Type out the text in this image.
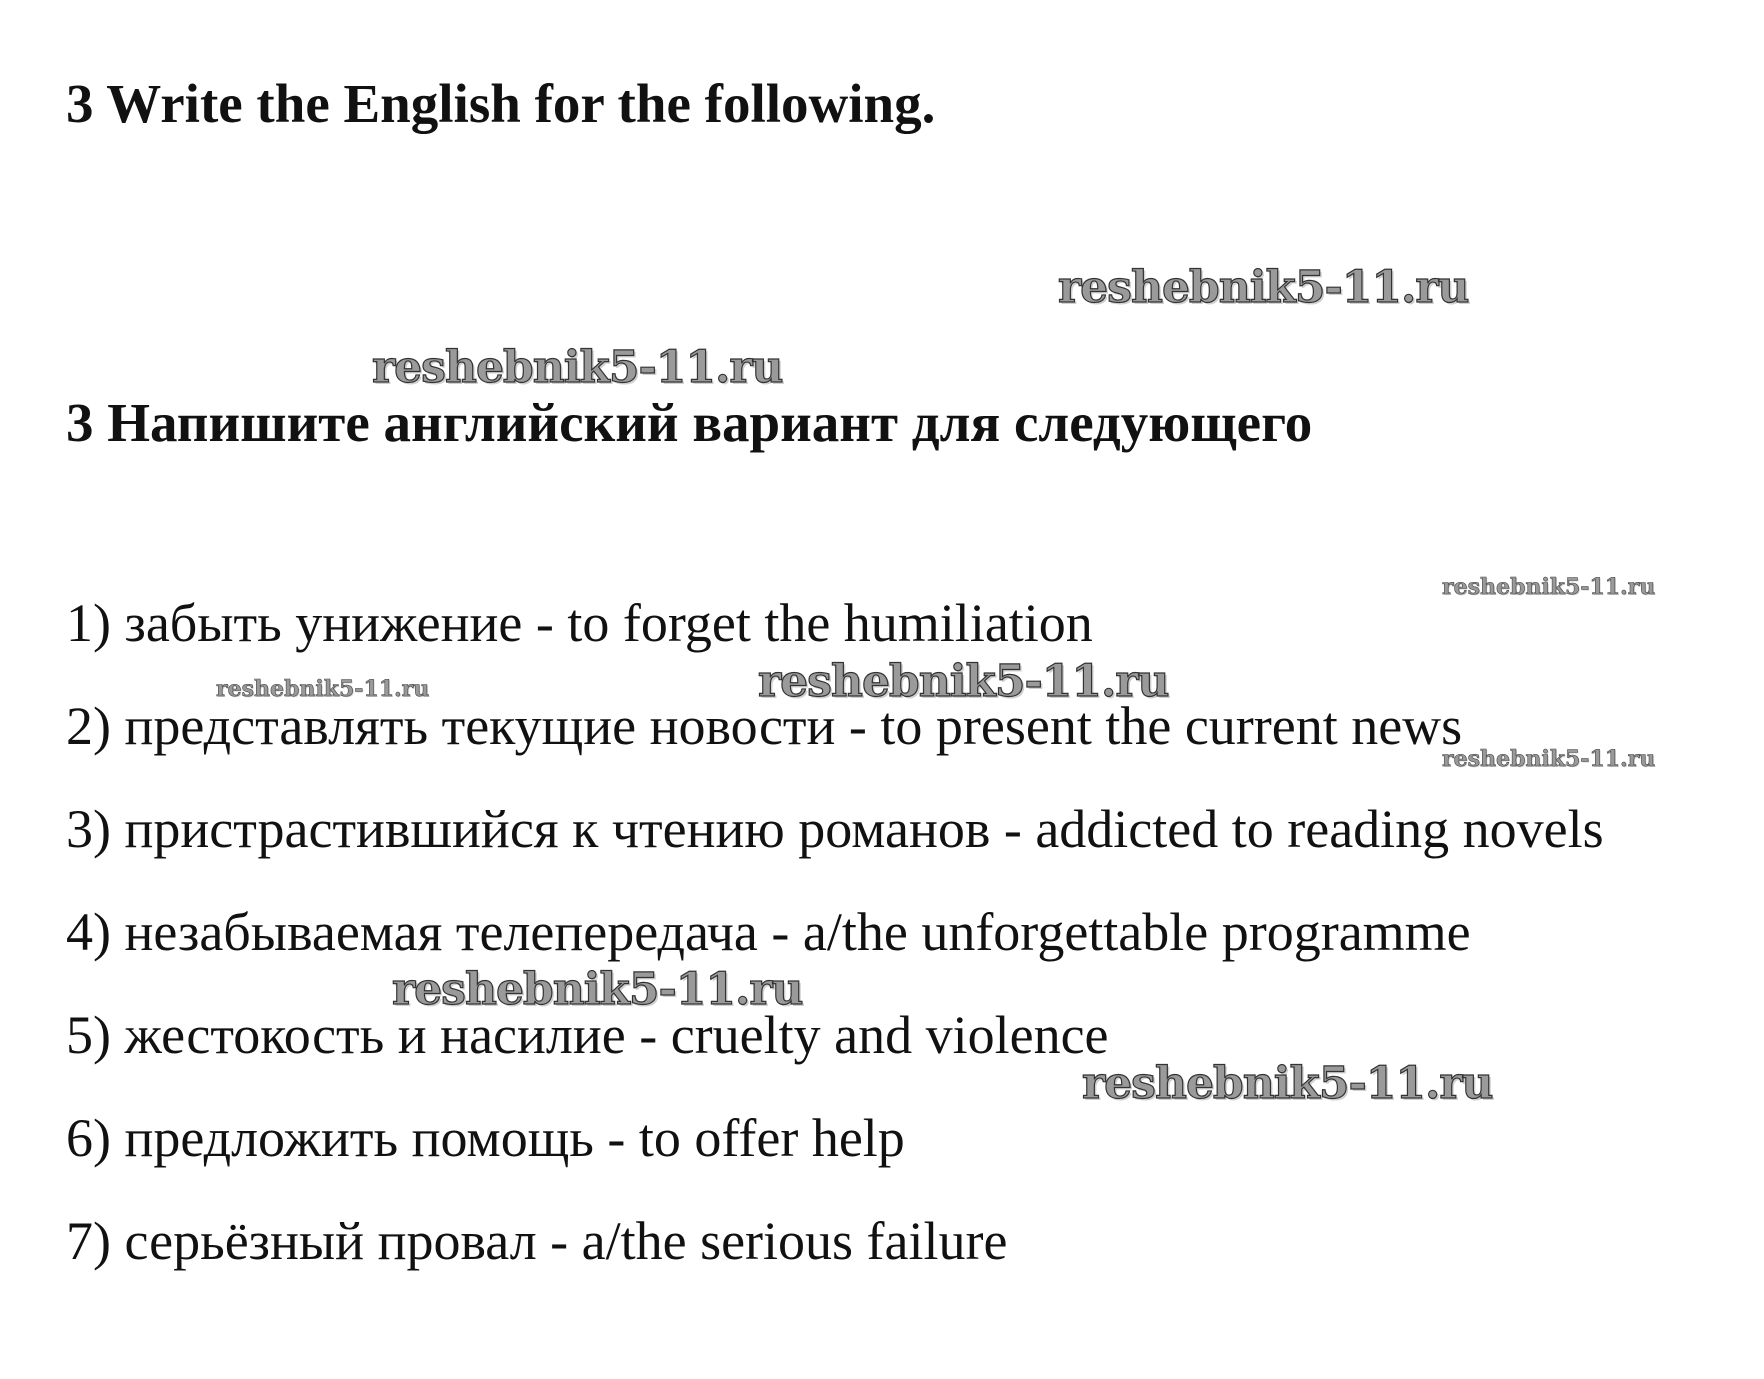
3 Write the English for the following.
reshebnik5-11.ru
reshebnik5-11.ru
3 Напишите английский вариант для следующего
1) забыть унижение - to forget the humiliation
2) представлять текущие новости - to present the current news
3) пристрастившийся к чтению романов - addicted to reading novels
4) незабываемая телепередача - a/the unforgettable programme
5) жестокость и насилие - cruelty and violence
6) предложить помощь - to offer help
7) серьёзный провал - a/the serious failure
reshebnik5-11.ru
reshebnik5-11.ru	reshebnik5-11.ru
reshebnik5-11.ru
reshebnik5-11.ru
reshebnik5-11.ru
